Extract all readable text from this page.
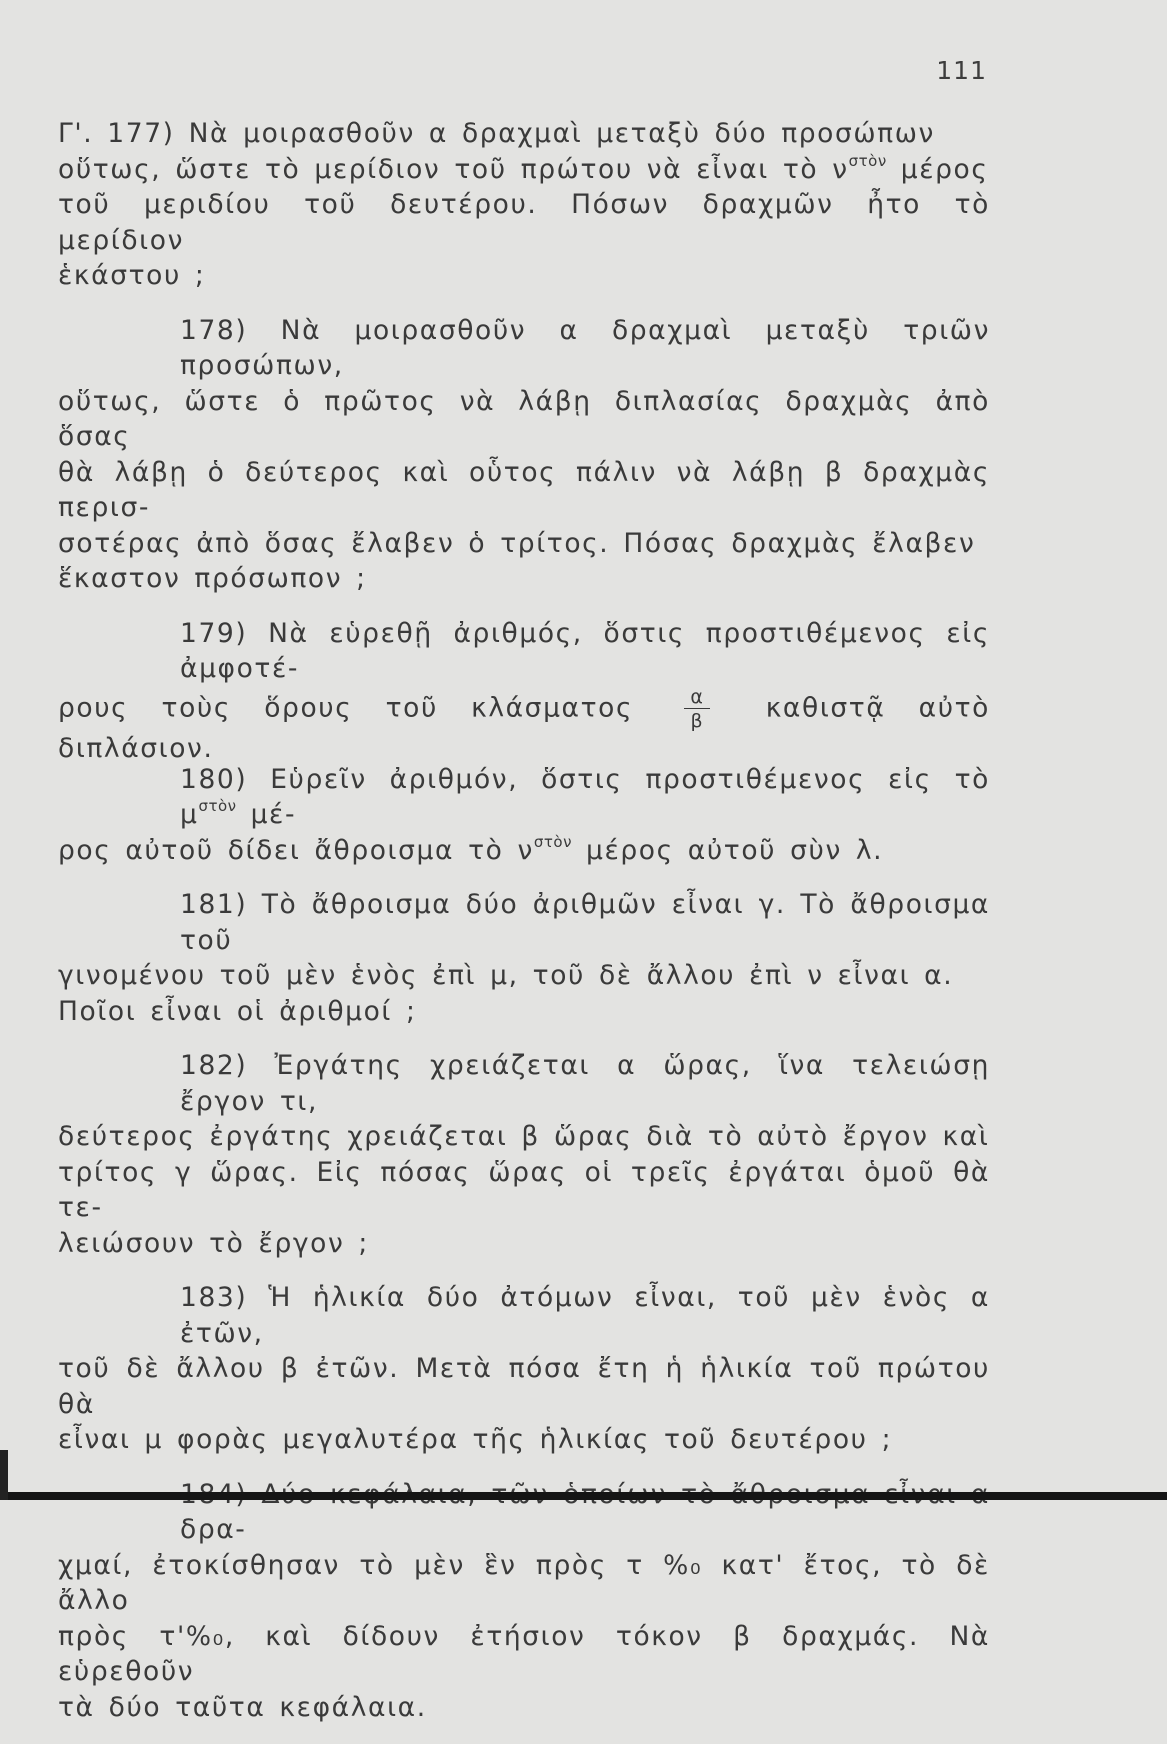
111
Γ'. 177) Νὰ μοιρασθοῦν α δραχμαὶ μεταξὺ δύο προσώπων
οὕτως, ὥστε τὸ μερίδιον τοῦ πρώτου νὰ εἶναι τὸ $\nu^{\sigma\tau ὸ\nu}$ μέρος
τοῦ μεριδίου τοῦ δευτέρου. Πόσων δραχμῶν ἦτο τὸ μερίδιον
ἑκάστου ;
178) Νὰ μοιρασθοῦν α δραχμαὶ μεταξὺ τριῶν προσώπων,
οὕτως, ὥστε ὁ πρῶτος νὰ λάβῃ διπλασίας δραχμὰς ἀπὸ ὅσας
θὰ λάβῃ ὁ δεύτερος καὶ οὗτος πάλιν νὰ λάβῃ β δραχμὰς περισ-
σοτέρας ἀπὸ ὅσας ἔλαβεν ὁ τρίτος. Πόσας δραχμὰς ἔλαβεν
ἕκαστον πρόσωπον ;
179) Νὰ εὑρεθῇ ἀριθμός, ὅστις προστιθέμενος εἰς ἀμφοτέ-
ρους τοὺς ὅρους τοῦ κλάσματος	$\frac{\alpha}{\beta}$ καθιστᾷ αὐτὸ διπλάσιον.
180) Εὑρεῖν ἀριθμόν, ὅστις προστιθέμενος εἰς τὸ $\mu^{\sigma\tau ὸ\nu}$ μέ-
ρος αὐτοῦ δίδει ἄθροισμα τὸ $\nu^{\sigma\tau ὸ\nu}$ μέρος αὐτοῦ σὺν λ.
181) Τὸ ἄθροισμα δύο ἀριθμῶν εἶναι γ. Τὸ ἄθροισμα τοῦ
γινομένου τοῦ μὲν ἑνὸς ἐπὶ μ, τοῦ δὲ ἄλλου ἐπὶ ν εἶναι α.
Ποῖοι εἶναι οἱ ἀριθμοί ;
182) Ἐργάτης χρειάζεται α ὥρας, ἵνα τελειώσῃ ἔργον τι,
δεύτερος ἐργάτης χρειάζεται β ὥρας διὰ τὸ αὐτὸ ἔργον καὶ
τρίτος γ ὥρας. Εἰς πόσας ὥρας οἱ τρεῖς ἐργάται ὁμοῦ θὰ τε-
λειώσουν τὸ ἔργον ;
183) Ἡ ἡλικία δύο ἀτόμων εἶναι, τοῦ μὲν ἑνὸς α ἐτῶν,
τοῦ δὲ ἄλλου β ἐτῶν. Μετὰ πόσα ἔτη ἡ ἡλικία τοῦ πρώτου θὰ
εἶναι μ φορὰς μεγαλυτέρα τῆς ἡλικίας τοῦ δευτέρου ;
δρα-
χμαί, ἐτοκίσθησαν τὸ μὲν ἓν πρὸς τ %₀ κατ' ἔτος, τὸ δὲ ἄλλο
πρὸς τ'%₀, καὶ δίδουν ἐτήσιον τόκον β δραχμάς. Νὰ εὑρεθοῦν
τὰ δύο ταῦτα κεφάλαια.
